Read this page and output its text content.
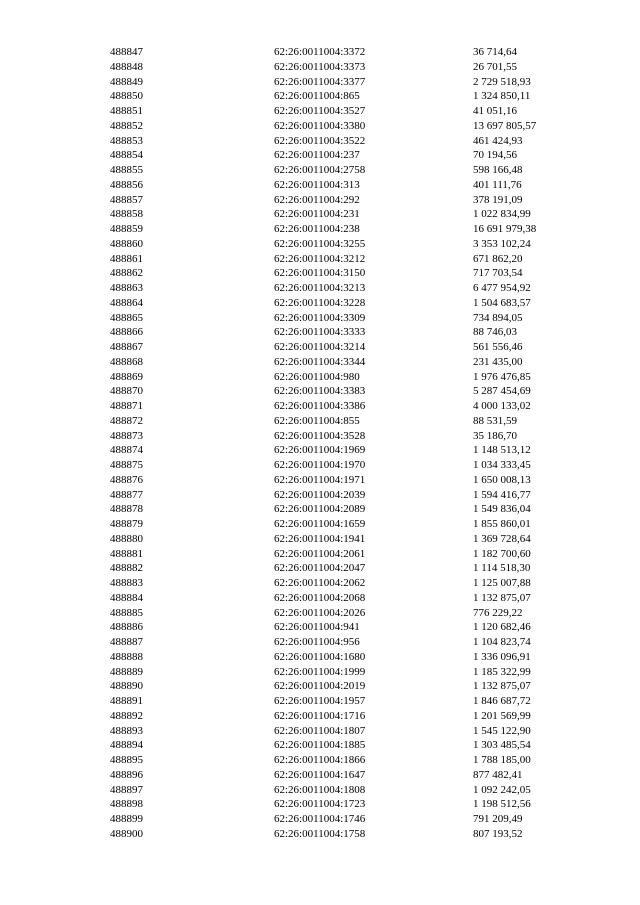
488847	62:26:0011004:3372	36 714,64
488848	62:26:0011004:3373	26 701,55
488849	62:26:0011004:3377	2 729 518,93
488850	62:26:0011004:865	1 324 850,11
488851	62:26:0011004:3527	41 051,16
488852	62:26:0011004:3380	13 697 805,57
488853	62:26:0011004:3522	461 424,93
488854	62:26:0011004:237	70 194,56
488855	62:26:0011004:2758	598 166,48
488856	62:26:0011004:313	401 111,76
488857	62:26:0011004:292	378 191,09
488858	62:26:0011004:231	1 022 834,99
488859	62:26:0011004:238	16 691 979,38
488860	62:26:0011004:3255	3 353 102,24
488861	62:26:0011004:3212	671 862,20
488862	62:26:0011004:3150	717 703,54
488863	62:26:0011004:3213	6 477 954,92
488864	62:26:0011004:3228	1 504 683,57
488865	62:26:0011004:3309	734 894,05
488866	62:26:0011004:3333	88 746,03
488867	62:26:0011004:3214	561 556,46
488868	62:26:0011004:3344	231 435,00
488869	62:26:0011004:980	1 976 476,85
488870	62:26:0011004:3383	5 287 454,69
488871	62:26:0011004:3386	4 000 133,02
488872	62:26:0011004:855	88 531,59
488873	62:26:0011004:3528	35 186,70
488874	62:26:0011004:1969	1 148 513,12
488875	62:26:0011004:1970	1 034 333,45
488876	62:26:0011004:1971	1 650 008,13
488877	62:26:0011004:2039	1 594 416,77
488878	62:26:0011004:2089	1 549 836,04
488879	62:26:0011004:1659	1 855 860,01
488880	62:26:0011004:1941	1 369 728,64
488881	62:26:0011004:2061	1 182 700,60
488882	62:26:0011004:2047	1 114 518,30
488883	62:26:0011004:2062	1 125 007,88
488884	62:26:0011004:2068	1 132 875,07
488885	62:26:0011004:2026	776 229,22
488886	62:26:0011004:941	1 120 682,46
488887	62:26:0011004:956	1 104 823,74
488888	62:26:0011004:1680	1 336 096,91
488889	62:26:0011004:1999	1 185 322,99
488890	62:26:0011004:2019	1 132 875,07
488891	62:26:0011004:1957	1 846 687,72
488892	62:26:0011004:1716	1 201 569,99
488893	62:26:0011004:1807	1 545 122,90
488894	62:26:0011004:1885	1 303 485,54
488895	62:26:0011004:1866	1 788 185,00
488896	62:26:0011004:1647	877 482,41
488897	62:26:0011004:1808	1 092 242,05
488898	62:26:0011004:1723	1 198 512,56
488899	62:26:0011004:1746	791 209,49
488900	62:26:0011004:1758	807 193,52
